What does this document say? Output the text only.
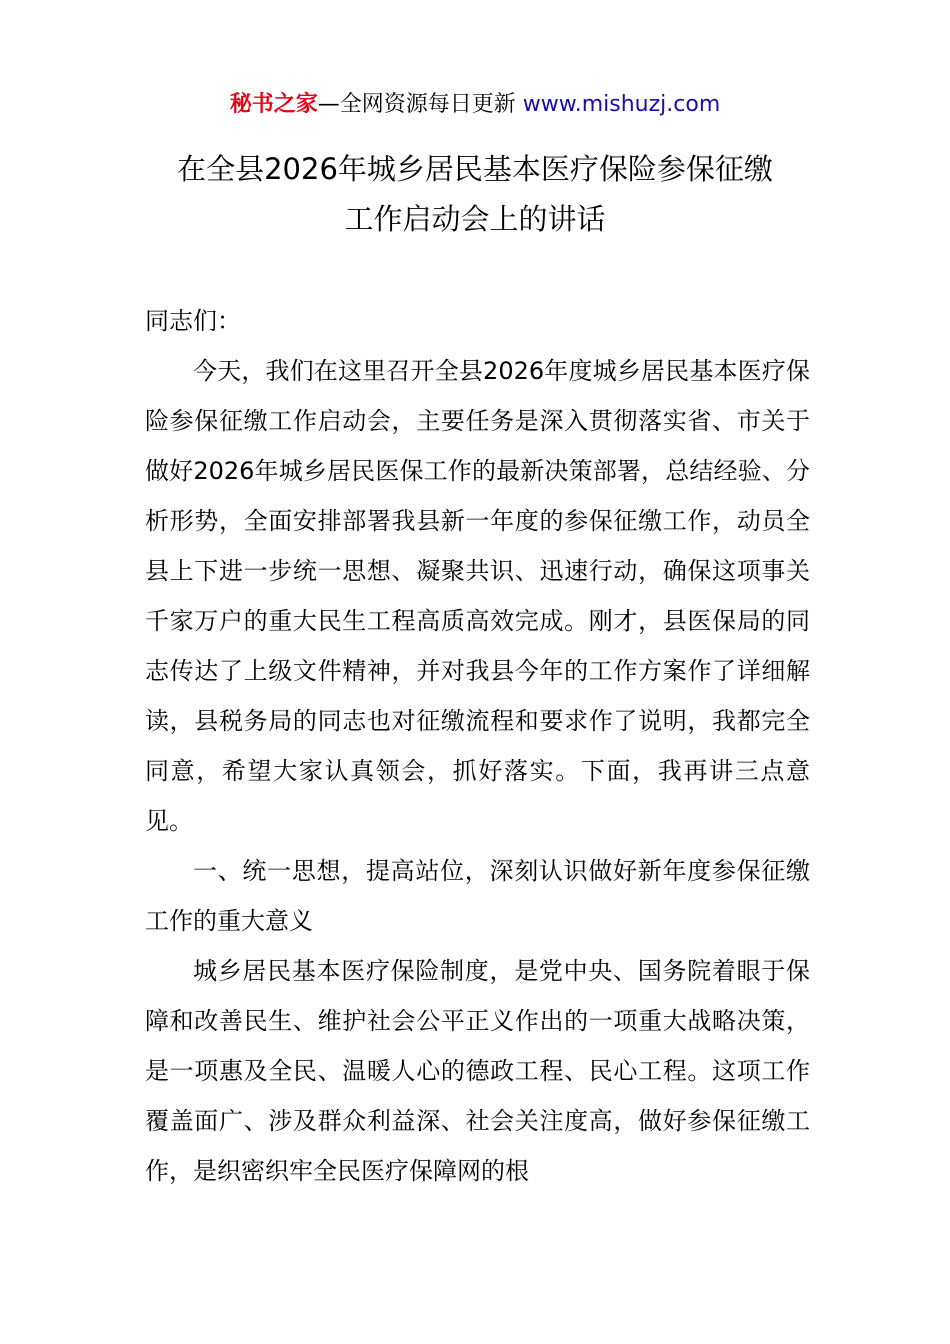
秘书之家—全网资源每日更新 www.mishuzj.com
在全县2026年城乡居民基本医疗保险参保征缴
工作启动会上的讲话

同志们：

今天，我们在这里召开全县2026年度城乡居民基本医疗保险参保征缴工作启动会，主要任务是深入贯彻落实省、市关于做好2026年城乡居民医保工作的最新决策部署，总结经验、分析形势，全面安排部署我县新一年度的参保征缴工作，动员全县上下进一步统一思想、凝聚共识、迅速行动，确保这项事关千家万户的重大民生工程高质高效完成。刚才，县医保局的同志传达了上级文件精神，并对我县今年的工作方案作了详细解读，县税务局的同志也对征缴流程和要求作了说明，我都完全同意，希望大家认真领会，抓好落实。下面，我再讲三点意见。

一、统一思想，提高站位，深刻认识做好新年度参保征缴工作的重大意义

城乡居民基本医疗保险制度，是党中央、国务院着眼于保障和改善民生、维护社会公平正义作出的一项重大战略决策，是一项惠及全民、温暖人心的德政工程、民心工程。这项工作覆盖面广、涉及群众利益深、社会关注度高，做好参保征缴工作，是织密织牢全民医疗保障网的根
